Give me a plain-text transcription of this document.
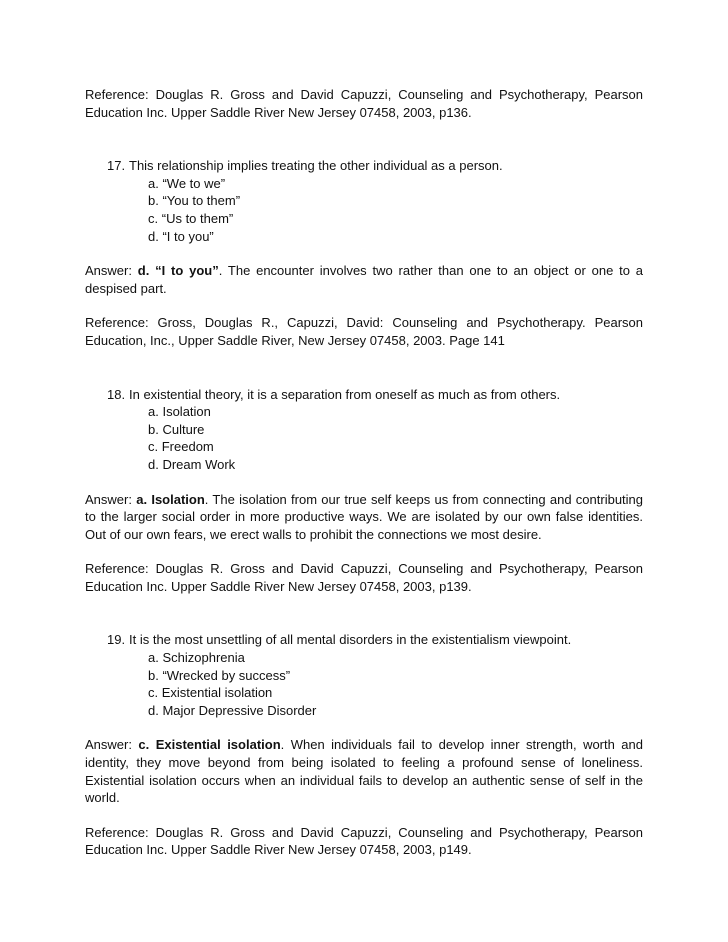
Reference: Douglas R. Gross and David Capuzzi, Counseling and Psychotherapy, Pearson Education Inc. Upper Saddle River New Jersey 07458, 2003, p136.

17.This relationship implies treating the other individual as a person.
a. “We to we”
b. “You to them”
c. “Us to them”
d. “I to you”

Answer: d. “I to you”. The encounter involves two rather than one to an object or one to a despised part.

Reference: Gross, Douglas R., Capuzzi, David: Counseling and Psychotherapy. Pearson Education, Inc., Upper Saddle River, New Jersey 07458, 2003. Page 141

18.In existential theory, it is a separation from oneself as much as from others.
a. Isolation
b. Culture
c. Freedom
d. Dream Work

Answer: a. Isolation. The isolation from our true self keeps us from connecting and contributing to the larger social order in more productive ways. We are isolated by our own false identities. Out of our own fears, we erect walls to prohibit the connections we most desire.

Reference: Douglas R. Gross and David Capuzzi, Counseling and Psychotherapy, Pearson Education Inc. Upper Saddle River New Jersey 07458, 2003, p139.

19.It is the most unsettling of all mental disorders in the existentialism viewpoint.
a. Schizophrenia
b. “Wrecked by success”
c. Existential isolation
d. Major Depressive Disorder

Answer: c. Existential isolation. When individuals fail to develop inner strength, worth and identity, they move beyond from being isolated to feeling a profound sense of loneliness. Existential isolation occurs when an individual fails to develop an authentic sense of self in the world.

Reference: Douglas R. Gross and David Capuzzi, Counseling and Psychotherapy, Pearson Education Inc. Upper Saddle River New Jersey 07458, 2003, p149.
